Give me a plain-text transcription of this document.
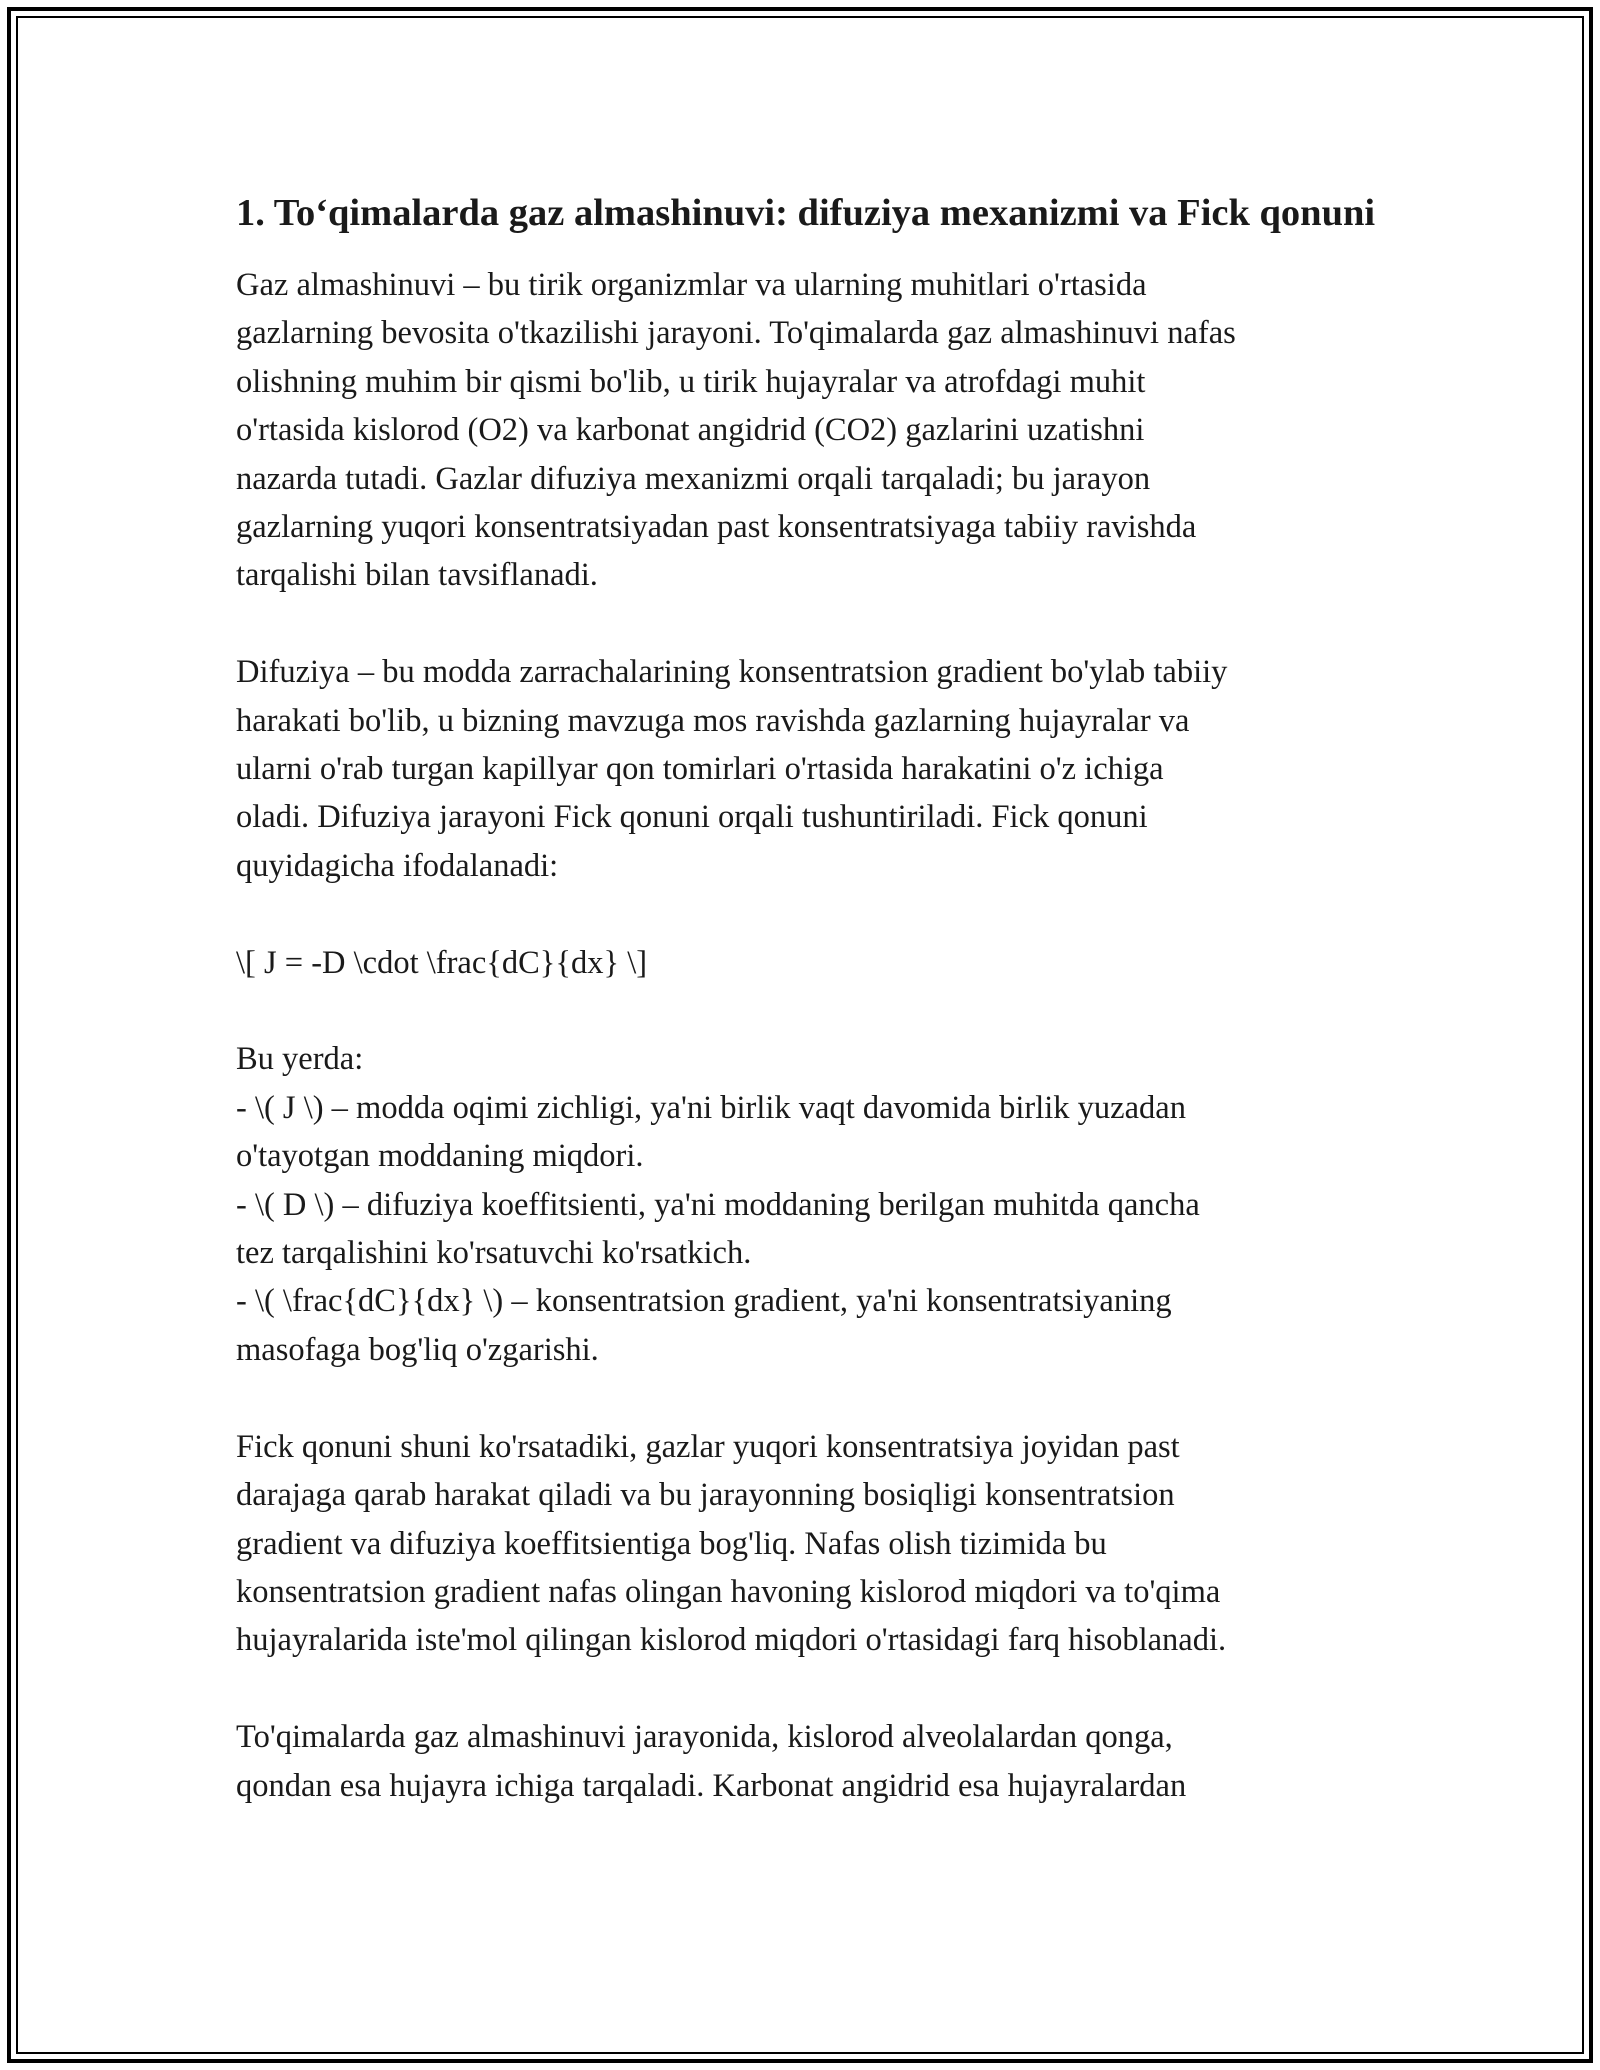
1. To‘qimalarda gaz almashinuvi: difuziya mexanizmi va Fick qonuni

Gaz almashinuvi – bu tirik organizmlar va ularning muhitlari o'rtasida
gazlarning bevosita o'tkazilishi jarayoni. To'qimalarda gaz almashinuvi nafas
olishning muhim bir qismi bo'lib, u tirik hujayralar va atrofdagi muhit
o'rtasida kislorod (O2) va karbonat angidrid (CO2) gazlarini uzatishni
nazarda tutadi. Gazlar difuziya mexanizmi orqali tarqaladi; bu jarayon
gazlarning yuqori konsentratsiyadan past konsentratsiyaga tabiiy ravishda
tarqalishi bilan tavsiflanadi.

Difuziya – bu modda zarrachalarining konsentratsion gradient bo'ylab tabiiy
harakati bo'lib, u bizning mavzuga mos ravishda gazlarning hujayralar va
ularni o'rab turgan kapillyar qon tomirlari o'rtasida harakatini o'z ichiga
oladi. Difuziya jarayoni Fick qonuni orqali tushuntiriladi. Fick qonuni
quyidagicha ifodalanadi:

\[ J = -D \cdot \frac{dC}{dx} \]

Bu yerda:
- \( J \) – modda oqimi zichligi, ya'ni birlik vaqt davomida birlik yuzadan
o'tayotgan moddaning miqdori.
- \( D \) – difuziya koeffitsienti, ya'ni moddaning berilgan muhitda qancha
tez tarqalishini ko'rsatuvchi ko'rsatkich.
- \( \frac{dC}{dx} \) – konsentratsion gradient, ya'ni konsentratsiyaning
masofaga bog'liq o'zgarishi.

Fick qonuni shuni ko'rsatadiki, gazlar yuqori konsentratsiya joyidan past
darajaga qarab harakat qiladi va bu jarayonning bosiqligi konsentratsion
gradient va difuziya koeffitsientiga bog'liq. Nafas olish tizimida bu
konsentratsion gradient nafas olingan havoning kislorod miqdori va to'qima
hujayralarida iste'mol qilingan kislorod miqdori o'rtasidagi farq hisoblanadi.

To'qimalarda gaz almashinuvi jarayonida, kislorod alveolalardan qonga,
qondan esa hujayra ichiga tarqaladi. Karbonat angidrid esa hujayralardan
